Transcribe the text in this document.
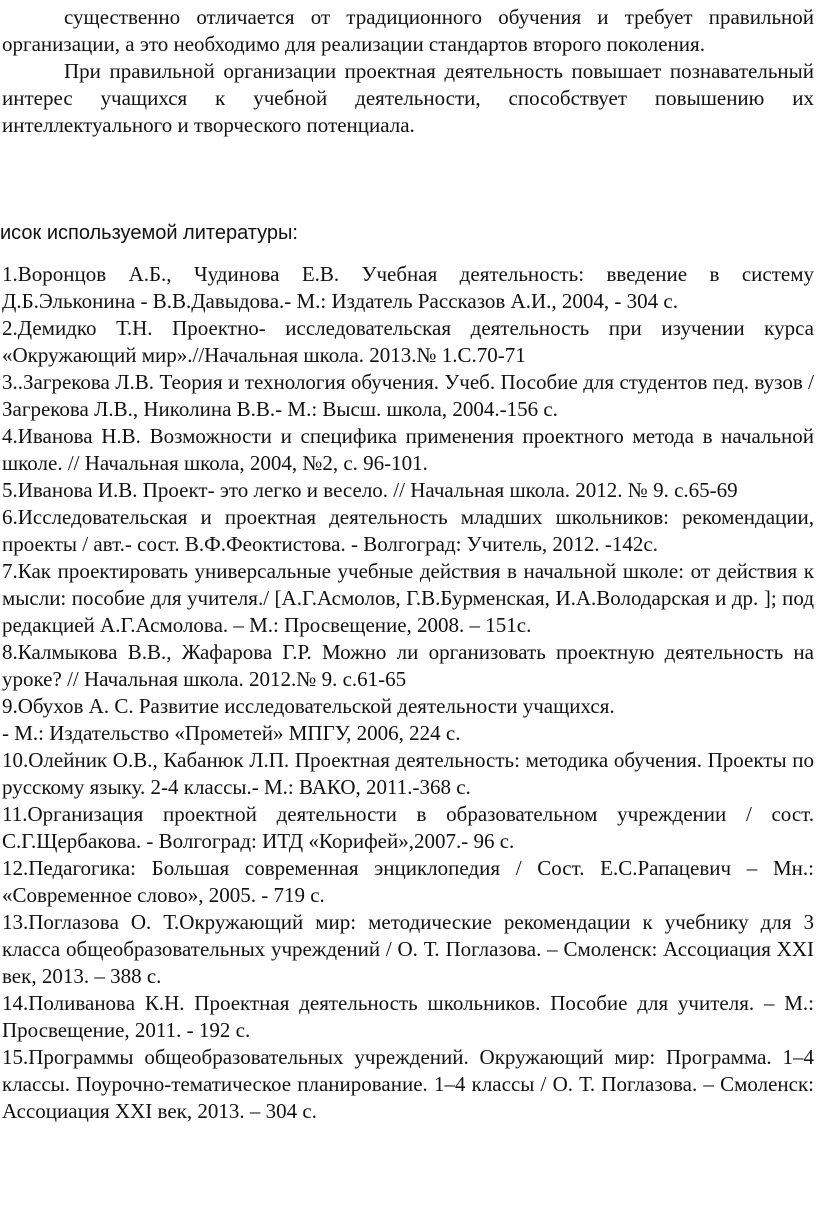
существенно отличается от традиционного обучения и требует правильной организации, а это необходимо для реализации стандартов второго поколения.

При правильной организации проектная деятельность повышает познавательный интерес учащихся к учебной деятельности, способствует повышению их интеллектуального и творческого потенциала.

исок используемой литературы:

1.Воронцов А.Б., Чудинова Е.В. Учебная деятельность: введение в систему Д.Б.Эльконина - В.В.Давыдова.- М.: Издатель Рассказов А.И., 2004, - 304 с.
2.Демидко Т.Н. Проектно- исследовательская деятельность при изучении курса «Окружающий мир».//Начальная школа. 2013.№ 1.С.70-71
3..Загрекова Л.В. Теория и технология обучения. Учеб. Пособие для студентов пед. вузов / Загрекова Л.В., Николина В.В.- М.: Высш. школа, 2004.-156 с.
4.Иванова Н.В. Возможности и специфика применения проектного метода в начальной школе. // Начальная школа, 2004, №2, с. 96-101.
5.Иванова И.В. Проект- это легко и весело. // Начальная школа. 2012. № 9. с.65-69
6.Исследовательская и проектная деятельность младших школьников: рекомендации, проекты / авт.- сост. В.Ф.Феоктистова. - Волгоград: Учитель, 2012. -142с.
7.Как проектировать универсальные учебные действия в начальной школе: от действия к мысли: пособие для учителя./ [А.Г.Асмолов, Г.В.Бурменская, И.А.Володарская и др. ]; под редакцией А.Г.Асмолова. – М.: Просвещение, 2008. – 151с.
8.Калмыкова В.В., Жафарова Г.Р. Можно ли организовать проектную деятельность на уроке? // Начальная школа. 2012.№ 9. с.61-65
9.Обухов А. С. Развитие исследовательской деятельности учащихся.
- М.: Издательство «Прометей» МПГУ, 2006, 224 с.
10.Олейник О.В., Кабанюк Л.П. Проектная деятельность: методика обучения. Проекты по русскому языку. 2-4 классы.- М.: ВАКО, 2011.-368 с.
11.Организация проектной деятельности в образовательном учреждении / сост. С.Г.Щербакова. - Волгоград: ИТД «Корифей»,2007.- 96 с.
12.Педагогика: Большая современная энциклопедия / Сост. Е.С.Рапацевич – Мн.: «Современное слово», 2005. - 719 с.
13.Поглазова О. Т.Окружающий мир: методические рекомендации к учебнику для 3 класса общеобразовательных учреждений / О. Т. Поглазова. – Смоленск: Ассоциация XXI век, 2013. – 388 с.
14.Поливанова К.Н. Проектная деятельность школьников. Пособие для учителя. – М.: Просвещение, 2011. - 192 с.
15.Программы общеобразовательных учреждений. Окружающий мир: Программа. 1–4 классы. Поурочно-тематическое планирование. 1–4 классы / О. Т. Поглазова. – Смоленск: Ассоциация XXI век, 2013. – 304 с.
